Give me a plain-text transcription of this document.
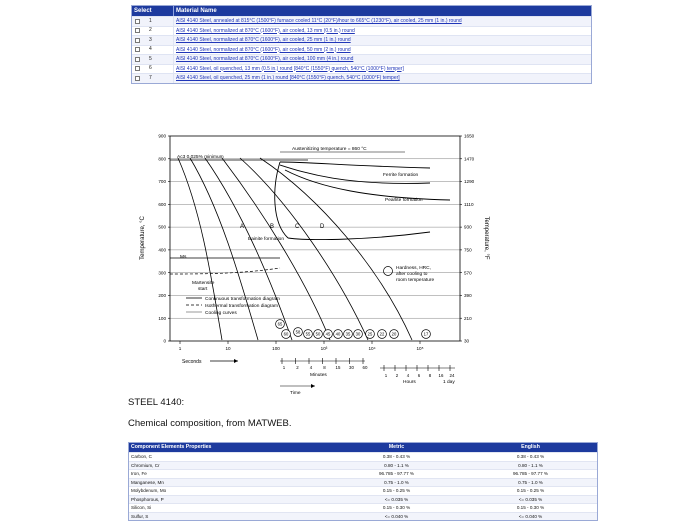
Select	Material Name
1	AISI 4140 Steel, annealed at 815°C (1500°F) furnace cooled 11°C (20°F)/hour to 665°C (1230°F), air cooled, 25 mm (1 in.) round
2	AISI 4140 Steel, normalized at 870°C (1600°F), air cooled, 13 mm (0.5 in.) round
3	AISI 4140 Steel, normalized at 870°C (1600°F), air cooled, 25 mm (1 in.) round
4	AISI 4140 Steel, normalized at 870°C (1600°F), air cooled, 50 mm (2 in.) round
5	AISI 4140 Steel, normalized at 870°C (1600°F), air cooled, 100 mm (4 in.) round
6	AISI 4140 Steel, oil quenched, 13 mm (0.5 in.) round [840°C (1550°F) quench, 540°C (1000°F) temper]
7	AISI 4140 Steel, oil quenched, 25 mm (1 in.) round [840°C (1550°F) quench, 540°C (1000°F) temper]
900
800
700
600
500
400
300
200
100
0
1650
1470
1290
1110
930
750
570
390
210
30
Temperature, °C	Temperature, °F
Ac3 0.025% minimum
Austenitizing temperature = 860 °C
A	B	C	D
Ferrite formation
Pearlite formation
Bainite formation
Ms
Martensite
start
Hardness, HRC,
after cooling to
room temperature
Continuous transformation diagram
Isothermal transformation diagram
Cooling curves
65
60 58 55 50 45 40 35 30 25 22 20	17
1	10	100	10³	10⁴	10⁵
Seconds
1	2	4	8 15 30 60
Minutes	1 2 4 6 8 16 24
Hours	1 day
Time
STEEL 4140:
Chemical composition, from MATWEB.
Component Elements Properties	Metric	English
Carbon, C	0.38 - 0.43 %	0.38 - 0.43 %
Chromium, Cr	0.80 - 1.1 %	0.80 - 1.1 %
Iron, Fe	96.785 - 97.77 %	96.785 - 97.77 %
Manganese, Mn	0.75 - 1.0 %	0.75 - 1.0 %
Molybdenum, Mo	0.15 - 0.25 %	0.15 - 0.25 %
Phosphorous, P	<= 0.035 %	<= 0.035 %
Silicon, Si	0.15 - 0.30 %	0.15 - 0.30 %
Sulfur, S	<= 0.040 %	<= 0.040 %
